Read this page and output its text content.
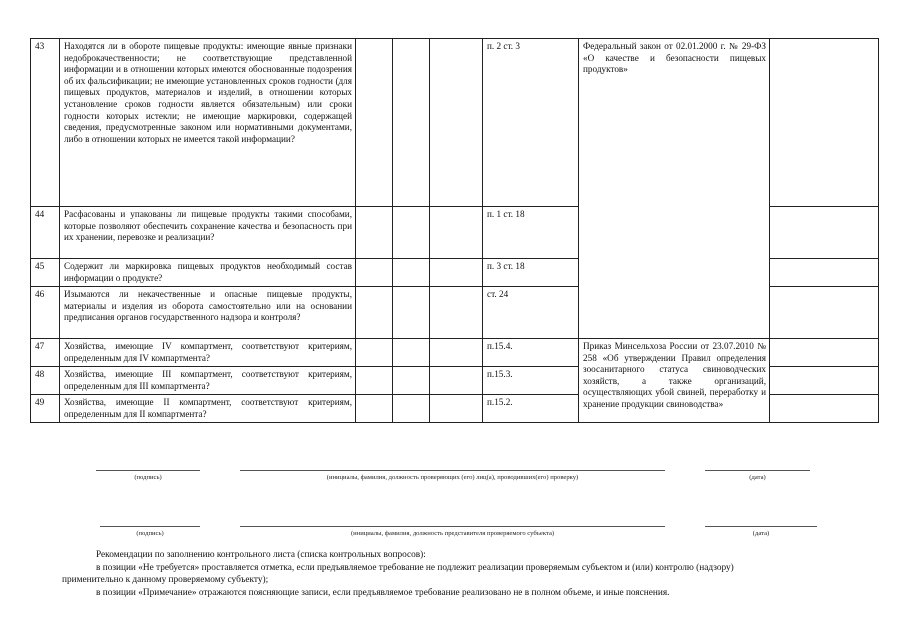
43	Находятся ли в обороте пищевые продукты: имеющие явные признаки недоброкачественности; не соответствующие представленной информации и в отношении которых имеются обоснованные подозрения об их фальсификации; не имеющие установленных сроков годности (для пищевых продуктов, материалов и изделий, в отношении которых установление сроков годности является обязательным) или сроки годности которых истекли; не имеющие маркировки, содержащей сведения, предусмотренные законом или нормативными документами, либо в отношении которых не имеется такой информации?				п. 2 ст. 3	Федеральный закон от 02.01.2000 г. № 29-ФЗ «О качестве и безопасности пищевых продуктов»	
44	Расфасованы и упакованы ли пищевые продукты такими способами, которые позволяют обеспечить сохранение качества и безопасность при их хранении, перевозке и реализации?				п. 1 ст. 18		
45	Содержит ли маркировка пищевых продуктов необходимый состав информации о продукте?				п. 3 ст. 18		
46	Изымаются ли некачественные и опасные пищевые продукты, материалы и изделия из оборота самостоятельно или на основании предписания органов государственного надзора и контроля?				ст. 24		
47	Хозяйства, имеющие IV компартмент, соответствуют критериям, определенным для IV компартмента?				п.15.4.	Приказ Минсельхоза России от 23.07.2010 № 258 «Об утверждении Правил определения зоосанитарного статуса свиноводческих хозяйств, а также организаций, осуществляющих убой свиней, переработку и хранение продукции свиноводства»	
48	Хозяйства, имеющие III компартмент, соответствуют критериям, определенным для III компартмента?				п.15.3.		
49	Хозяйства, имеющие II компартмент, соответствуют критериям, определенным для II компартмента?				п.15.2.		
(подпись)	(инициалы, фамилия, должность проверяющих (его) лиц(а), проводивших(его) проверку)	(дата)
(подпись)	(инициалы, фамилия, должность представителя проверяемого субъекта)	(дата)
Рекомендации по заполнению контрольного листа (списка контрольных вопросов):
в позиции «Не требуется» проставляется отметка, если предъявляемое требование не подлежит реализации проверяемым субъектом и (или) контролю (надзору)
применительно к данному проверяемому субъекту);
в позиции «Примечание» отражаются поясняющие записи, если предъявляемое требование реализовано не в полном объеме, и иные пояснения.
